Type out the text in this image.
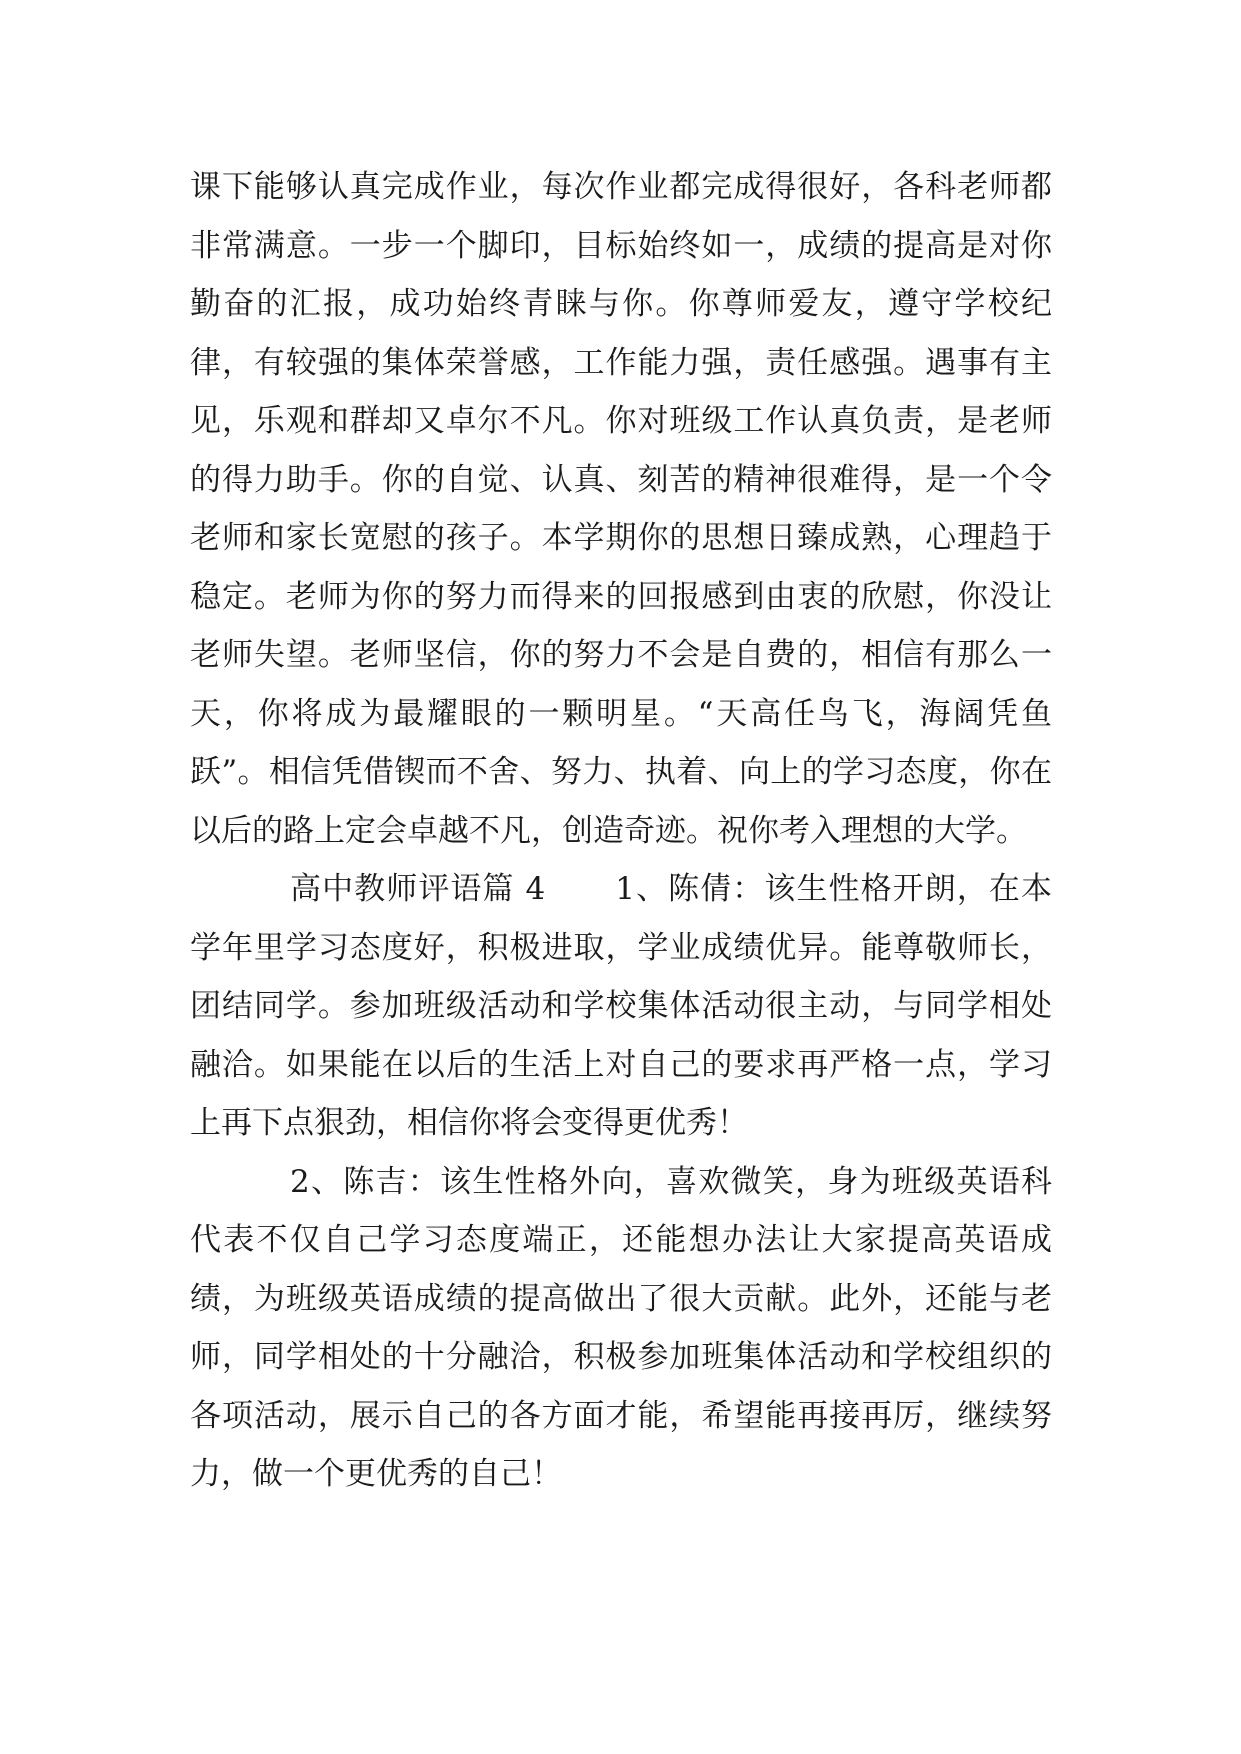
课下能够认真完成作业，每次作业都完成得很好，各科老师都非常满意。一步一个脚印，目标始终如一，成绩的提高是对你勤奋的汇报，成功始终青睐与你。你尊师爱友，遵守学校纪律，有较强的集体荣誉感，工作能力强，责任感强。遇事有主见，乐观和群却又卓尔不凡。你对班级工作认真负责，是老师的得力助手。你的自觉、认真、刻苦的精神很难得，是一个令老师和家长宽慰的孩子。本学期你的思想日臻成熟，心理趋于稳定。老师为你的努力而得来的回报感到由衷的欣慰，你没让老师失望。老师坚信，你的努力不会是自费的，相信有那么一天，你将成为最耀眼的一颗明星。“天高任鸟飞，海阔凭鱼跃”。相信凭借锲而不舍、努力、执着、向上的学习态度，你在以后的路上定会卓越不凡，创造奇迹。祝你考入理想的大学。

高中教师评语篇 4 1、陈倩：该生性格开朗，在本学年里学习态度好，积极进取，学业成绩优异。能尊敬师长，团结同学。参加班级活动和学校集体活动很主动，与同学相处融洽。如果能在以后的生活上对自己的要求再严格一点，学习上再下点狠劲，相信你将会变得更优秀！

2、陈吉：该生性格外向，喜欢微笑，身为班级英语科代表不仅自己学习态度端正，还能想办法让大家提高英语成绩，为班级英语成绩的提高做出了很大贡献。此外，还能与老师，同学相处的十分融洽，积极参加班集体活动和学校组织的各项活动，展示自己的各方面才能，希望能再接再厉，继续努力，做一个更优秀的自己！
